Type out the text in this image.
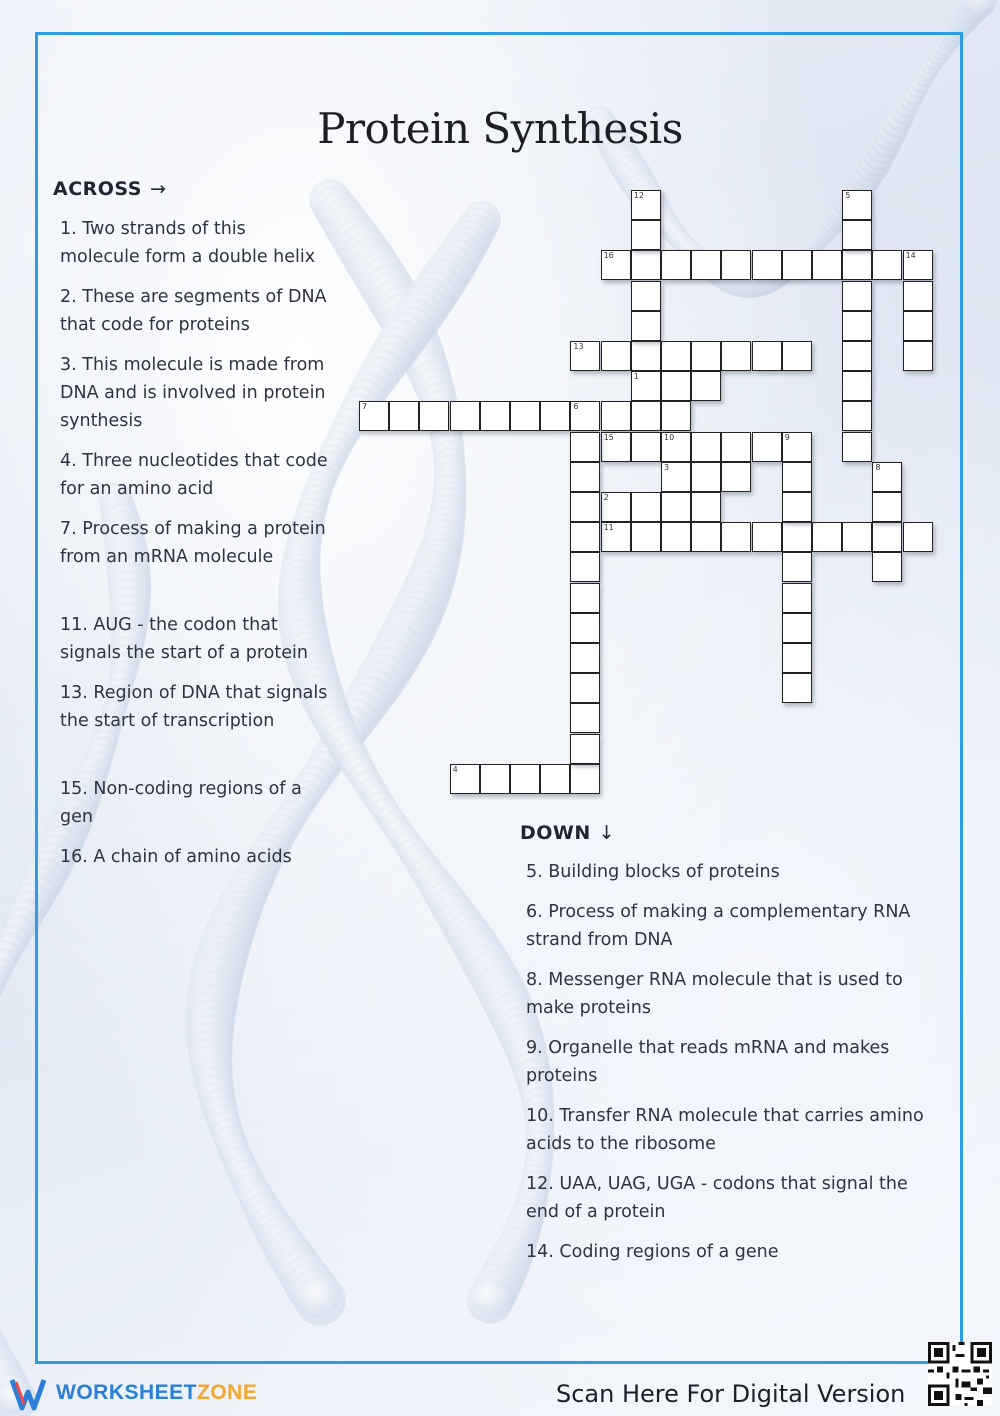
Protein Synthesis
ACROSS →
1. Two strands of this molecule form a double helix
2. These are segments of DNA that code for proteins
3. This molecule is made from DNA and is involved in protein synthesis
4. Three nucleotides that code for an amino acid
7. Process of making a protein from an mRNA molecule
11. AUG - the codon that signals the start of a protein
13. Region of DNA that signals the start of transcription
15. Non-coding regions of a gen
16. A chain of amino acids
DOWN ↓
5. Building blocks of proteins
6. Process of making a complementary RNA strand from DNA
8. Messenger RNA molecule that is used to make proteins
9. Organelle that reads mRNA and makes proteins
10. Transfer RNA molecule that carries amino acids to the ribosome
12. UAA, UAG, UGA - codons that signal the end of a protein
14. Coding regions of a gene
16	14
13
1
7	6
15	10	9
3
2
11
4
12	5
8
WORKSHEETZONE	Scan Here For Digital Version
